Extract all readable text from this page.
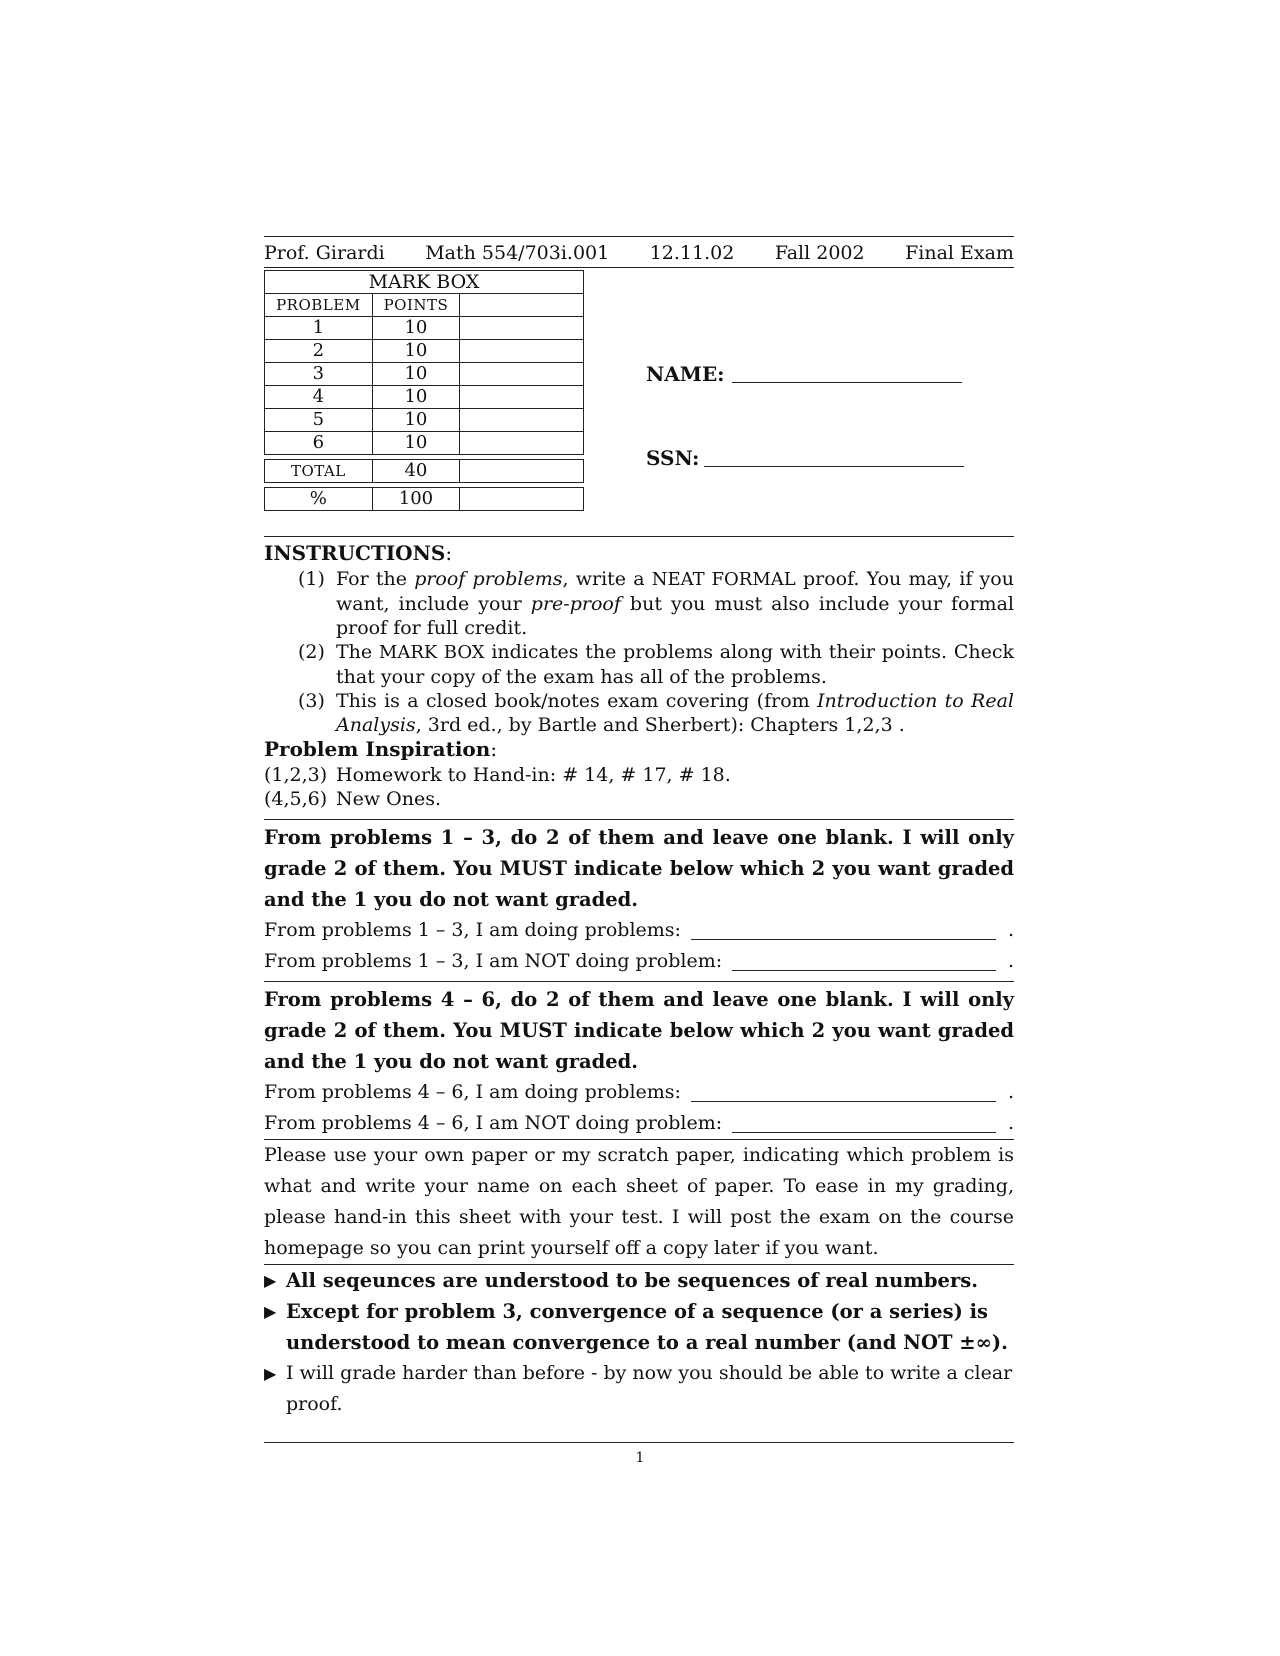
Prof. Girardi Math 554/703i.001 12.11.02 Fall 2002 Final Exam
MARK BOX		
PROBLEM	POINTS	
1	10	
2	10	
3	10	
4	10	
5	10	
6	10	

TOTAL	40	

%	100	
NAME:
SSN:
INSTRUCTIONS:
(1) For the proof problems, write a NEAT FORMAL proof. You may, if you want, include your pre-proof but you must also include your formal proof for full credit.
(2) The MARK BOX indicates the problems along with their points. Check that your copy of the exam has all of the problems.
(3) This is a closed book/notes exam covering (from Introduction to Real Analysis, 3rd ed., by Bartle and Sherbert): Chapters 1,2,3 .
Problem Inspiration:
(1,2,3) Homework to Hand-in: # 14, # 17, # 18.
(4,5,6) New Ones.
From problems 1 – 3, do 2 of them and leave one blank. I will only grade 2 of them. You MUST indicate below which 2 you want graded and the 1 you do not want graded.
From problems 1 – 3, I am doing problems:	.
From problems 1 – 3, I am NOT doing problem:	.
From problems 4 – 6, do 2 of them and leave one blank. I will only grade 2 of them. You MUST indicate below which 2 you want graded and the 1 you do not want graded.
From problems 4 – 6, I am doing problems:	.
From problems 4 – 6, I am NOT doing problem:	.
Please use your own paper or my scratch paper, indicating which problem is what and write your name on each sheet of paper. To ease in my grading, please hand-in this sheet with your test. I will post the exam on the course homepage so you can print yourself off a copy later if you want.
▶ All seqeunces are understood to be sequences of real numbers.
▶ Except for problem 3, convergence of a sequence (or a series) is understood to mean convergence to a real number (and NOT ±∞).
▶ I will grade harder than before - by now you should be able to write a clear proof.
1
